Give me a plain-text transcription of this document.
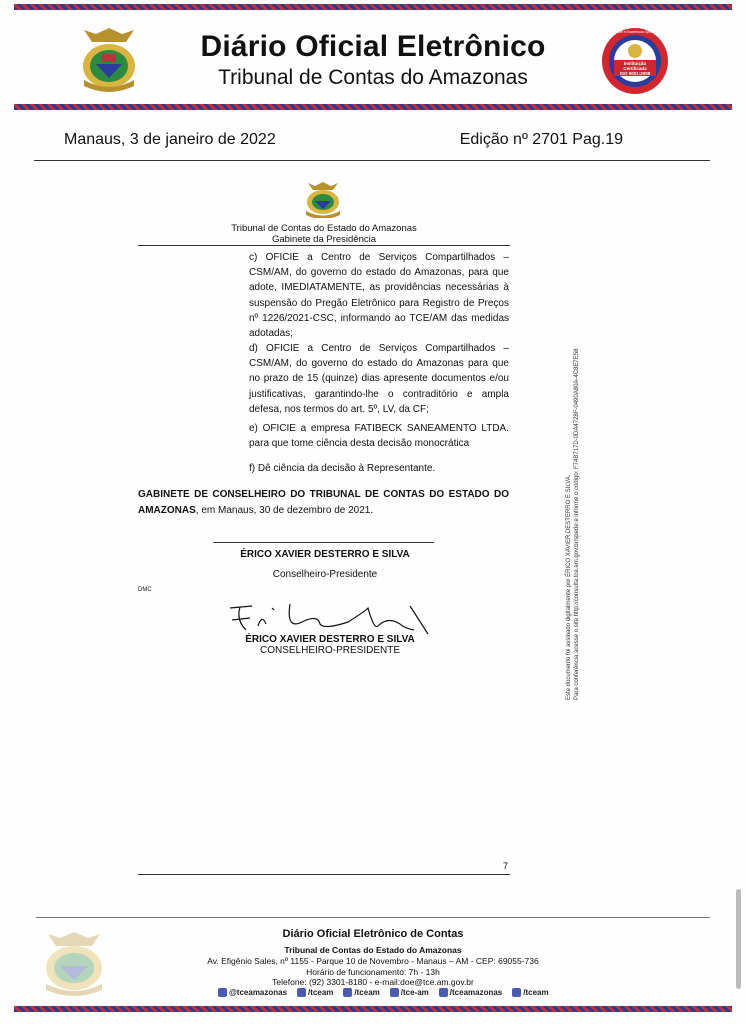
Diário Oficial Eletrônico
Tribunal de Contas do Amazonas
Instituição
Certificada
ISO 9001:2008
Qualidade e Excelência Operacional
Manaus, 3 de janeiro de 2022	Edição nº 2701 Pag.19
Tribunal de Contas do Estado do Amazonas
Gabinete da Presidência

c) OFICIE a Centro de Serviços Compartilhados – CSM/AM, do governo do estado do Amazonas, para que adote, IMEDIATAMENTE, as providências necessárias à suspensão do Pregão Eletrônico para Registro de Preços nº 1226/2021-CSC, informando ao TCE/AM das medidas adotadas;

d) OFICIE a Centro de Serviços Compartilhados – CSM/AM, do governo do estado do Amazonas para que no prazo de 15 (quinze) dias apresente documentos e/ou justificativas, garantindo-lhe o contraditório e ampla defesa, nos termos do art. 5º, LV, da CF;

e) OFICIE a empresa FATIBECK SANEAMENTO LTDA. para que tome ciência desta decisão monocrática

f) Dê ciência da decisão à Representante.

GABINETE DE CONSELHEIRO DO TRIBUNAL DE CONTAS DO ESTADO DO AMAZONAS, em Manaus, 30 de dezembro de 2021.
ÉRICO XAVIER DESTERRO E SILVA
Conselheiro-Presidente
DMC
ÉRICO XAVIER DESTERRO E SILVA
CONSELHEIRO-PRESIDENTE	Este documento foi assinado digitalmente por ÉRICO XAVIER DESTERRO E SILVA. Para conferência acesse o site http://consulta.tce.am.gov.br/spede e informe o código: F74B717D-0DA4728F-0490A80A-4C8E7E58
7
Diário Oficial Eletrônico de Contas
Tribunal de Contas do Estado do Amazonas
Av. Efigênio Sales, nº 1155 - Parque 10 de Novembro - Manaus – AM - CEP: 69055-736
Horário de funcionamento: 7h - 13h
Telefone: (92) 3301-8180 - e-mail:doe@tce.am.gov.br
@tceamazonas	/tceam	/tceam	/tce-am	/tceamazonas	/tceam
